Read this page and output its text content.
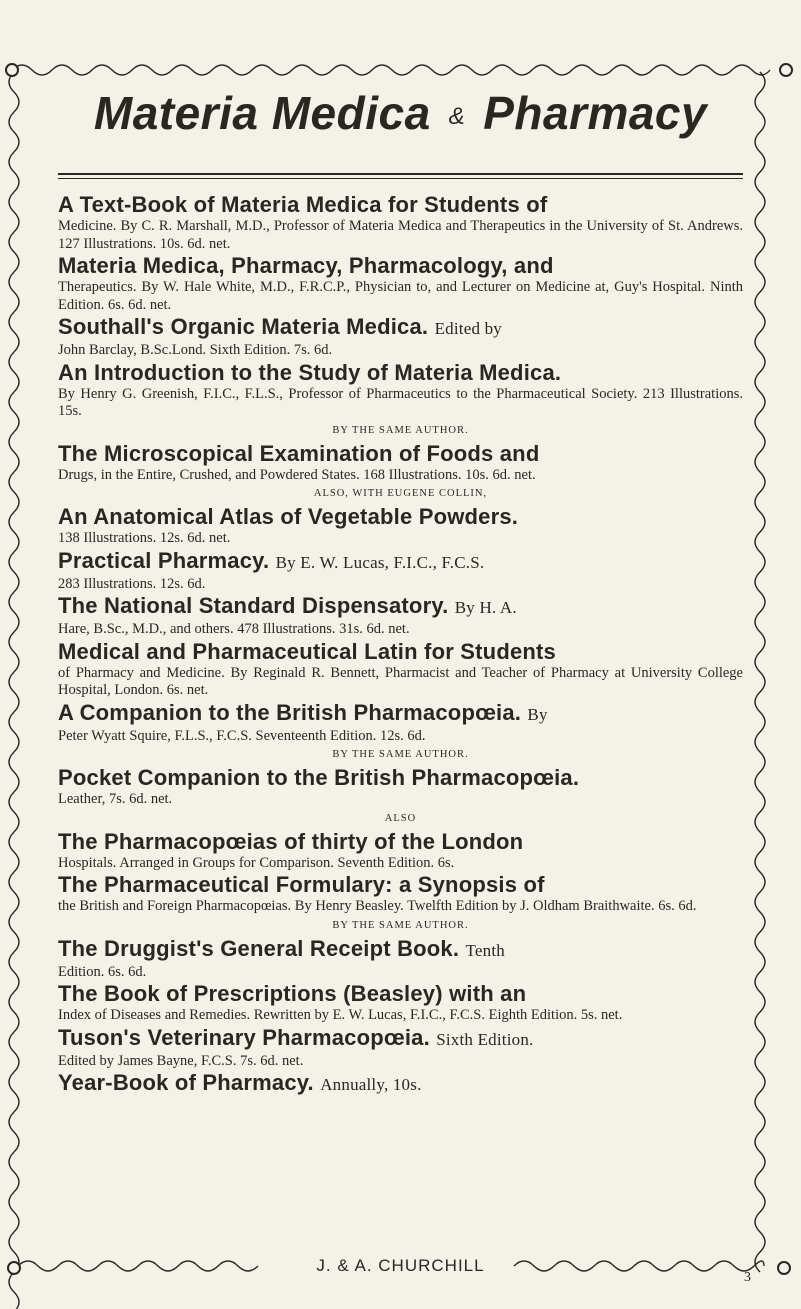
Materia Medica & Pharmacy
A Text-Book of Materia Medica for Students of
Medicine. By C. R. Marshall, M.D., Professor of Materia Medica and Therapeutics in the University of St. Andrews. 127 Illustrations. 10s. 6d. net.
Materia Medica, Pharmacy, Pharmacology, and
Therapeutics. By W. Hale White, M.D., F.R.C.P., Physician to, and Lecturer on Medicine at, Guy's Hospital. Ninth Edition. 6s. 6d. net.
Southall's Organic Materia Medica. Edited by
John Barclay, B.Sc.Lond. Sixth Edition. 7s. 6d.
An Introduction to the Study of Materia Medica.
By Henry G. Greenish, F.I.C., F.L.S., Professor of Pharmaceutics to the Pharmaceutical Society. 213 Illustrations. 15s.
BY THE SAME AUTHOR.
The Microscopical Examination of Foods and
Drugs, in the Entire, Crushed, and Powdered States. 168 Illustrations. 10s. 6d. net.
ALSO, WITH EUGENE COLLIN,
An Anatomical Atlas of Vegetable Powders.
138 Illustrations. 12s. 6d. net.
Practical Pharmacy. By E. W. Lucas, F.I.C., F.C.S.
283 Illustrations. 12s. 6d.
The National Standard Dispensatory. By H. A.
Hare, B.Sc., M.D., and others. 478 Illustrations. 31s. 6d. net.
Medical and Pharmaceutical Latin for Students
of Pharmacy and Medicine. By Reginald R. Bennett, Pharmacist and Teacher of Pharmacy at University College Hospital, London. 6s. net.
A Companion to the British Pharmacopœia. By
Peter Wyatt Squire, F.L.S., F.C.S. Seventeenth Edition. 12s. 6d.
BY THE SAME AUTHOR.
Pocket Companion to the British Pharmacopœia.
Leather, 7s. 6d. net.
ALSO
The Pharmacopœias of thirty of the London
Hospitals. Arranged in Groups for Comparison. Seventh Edition. 6s.
The Pharmaceutical Formulary: a Synopsis of
the British and Foreign Pharmacopœias. By Henry Beasley. Twelfth Edition by J. Oldham Braithwaite. 6s. 6d.
BY THE SAME AUTHOR.
The Druggist's General Receipt Book. Tenth
Edition. 6s. 6d.
The Book of Prescriptions (Beasley) with an
Index of Diseases and Remedies. Rewritten by E. W. Lucas, F.I.C., F.C.S. Eighth Edition. 5s. net.
Tuson's Veterinary Pharmacopœia. Sixth Edition.
Edited by James Bayne, F.C.S. 7s. 6d. net.
Year-Book of Pharmacy. Annually, 10s.
J. & A. CHURCHILL
3
